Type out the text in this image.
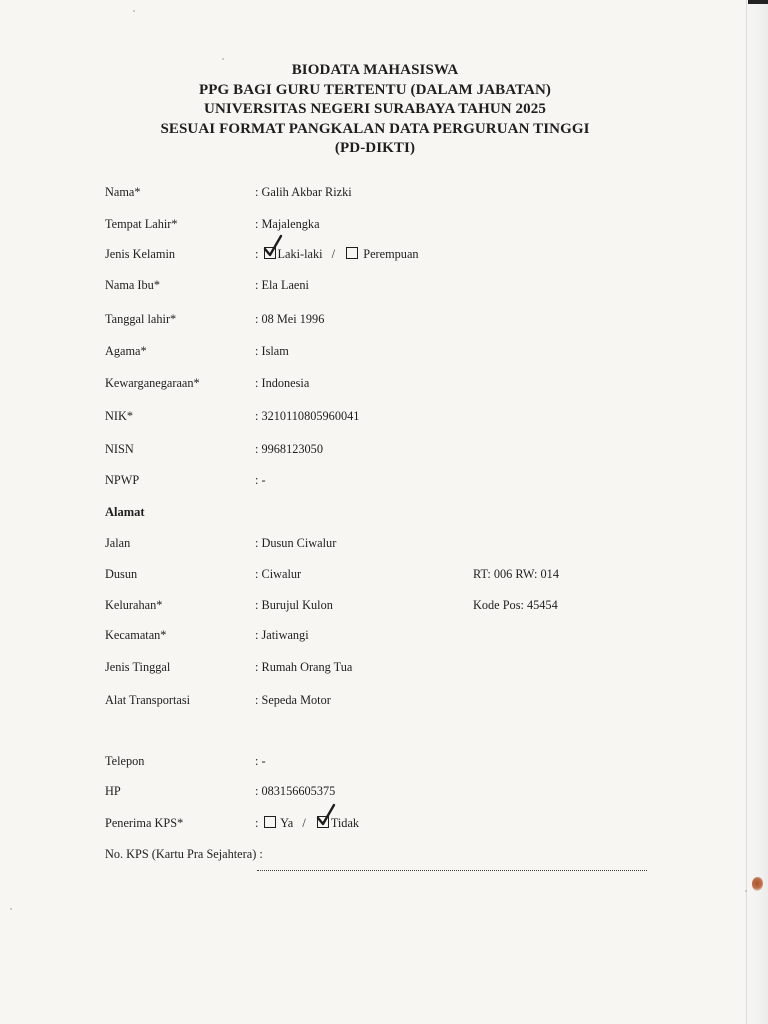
BIODATA MAHASISWA
PPG BAGI GURU TERTENTU (DALAM JABATAN)
UNIVERSITAS NEGERI SURABAYA TAHUN 2025
SESUAI FORMAT PANGKALAN DATA PERGURUAN TINGGI
(PD-DIKTI)
Nama*	: Galih Akbar Rizki
Tempat Lahir*	: Majalengka
Jenis Kelamin	: Laki-laki / Perempuan
Nama Ibu*	: Ela Laeni
Tanggal lahir*	: 08 Mei 1996
Agama*	: Islam
Kewarganegaraan*	: Indonesia
NIK*	: 3210110805960041
NISN	: 9968123050
NPWP	: -
Alamat
Jalan	: Dusun Ciwalur
Dusun	: Ciwalur	RT: 006 RW: 014
Kelurahan*	: Burujul Kulon	Kode Pos: 45454
Kecamatan*	: Jatiwangi
Jenis Tinggal	: Rumah Orang Tua
Alat Transportasi	: Sepeda Motor
Telepon	: -
HP	: 083156605375
Penerima KPS*	: Ya / Tidak
No. KPS (Kartu Pra Sejahtera) :
